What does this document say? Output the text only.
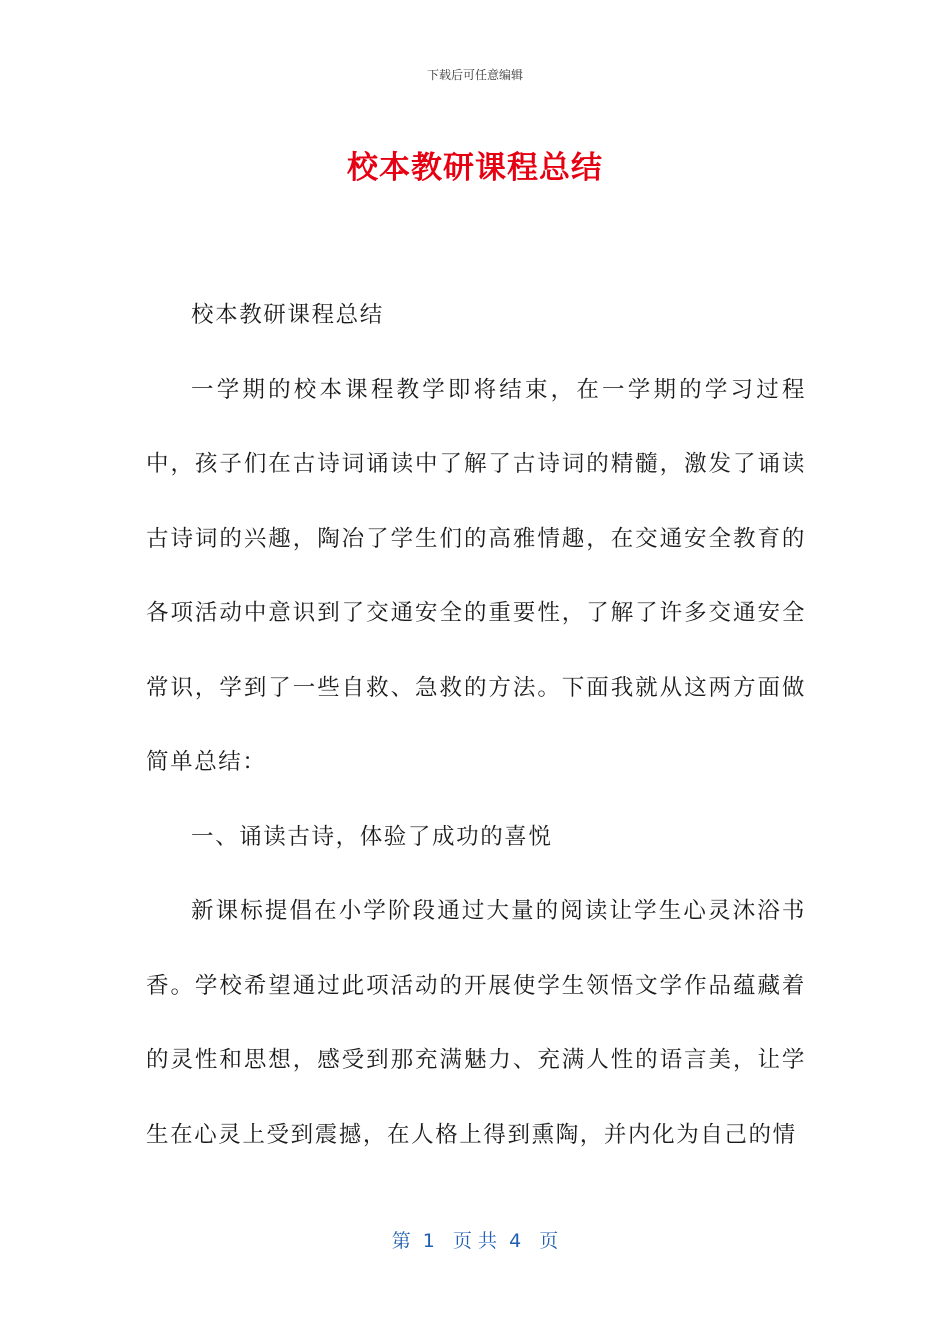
下载后可任意编辑
校本教研课程总结

校本教研课程总结

一学期的校本课程教学即将结束，在一学期的学习过程中，孩子们在古诗词诵读中了解了古诗词的精髓，激发了诵读古诗词的兴趣，陶冶了学生们的高雅情趣，在交通安全教育的各项活动中意识到了交通安全的重要性，了解了许多交通安全常识，学到了一些自救、急救的方法。下面我就从这两方面做简单总结：

一、诵读古诗，体验了成功的喜悦

新课标提倡在小学阶段通过大量的阅读让学生心灵沐浴书香。学校希望通过此项活动的开展使学生领悟文学作品蕴藏着的灵性和思想，感受到那充满魅力、充满人性的语言美，让学生在心灵上受到震撼，在人格上得到熏陶，并内化为自己的情

第  1   页 共  4   页
